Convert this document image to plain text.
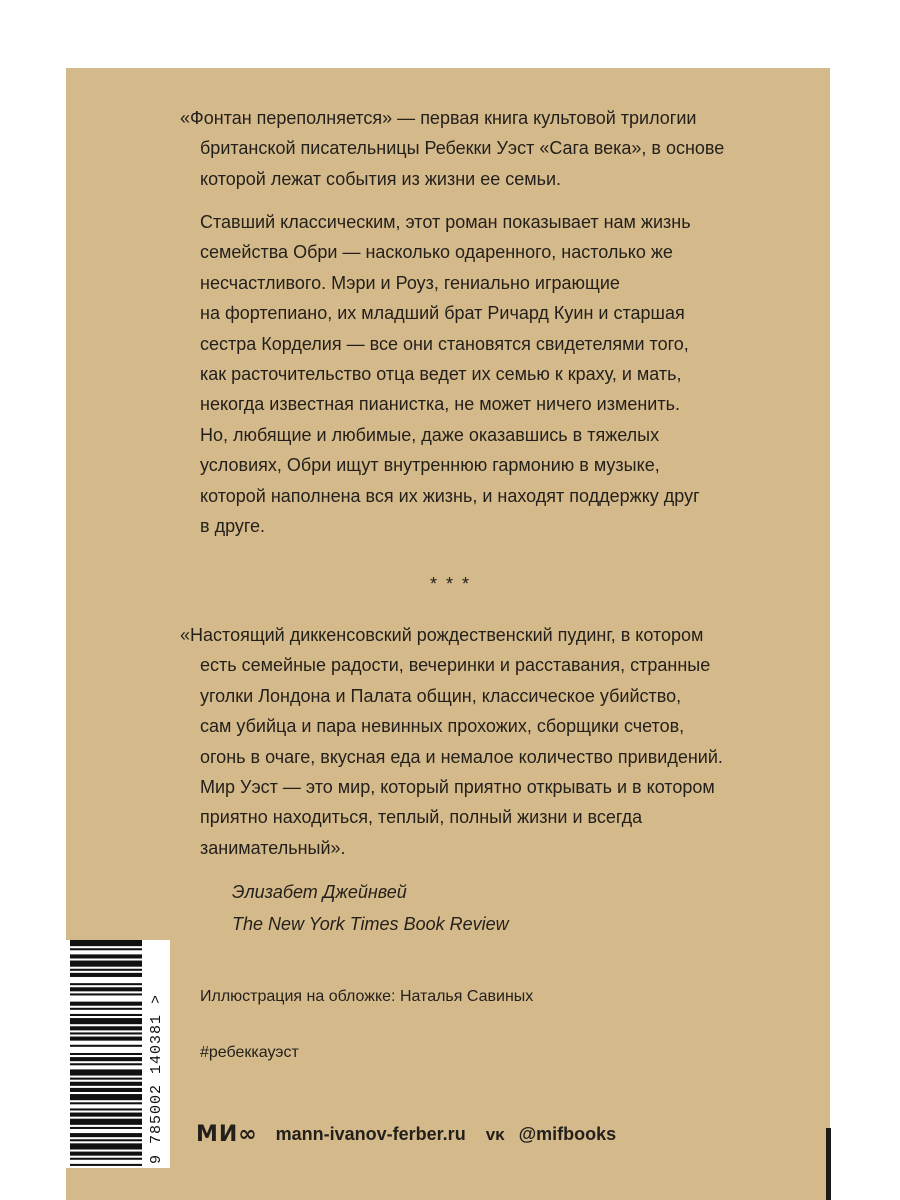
«Фонтан переполняется» — первая книга культовой трилогии
британской писательницы Ребекки Уэст «Сага века», в основе
которой лежат события из жизни ее семьи.
Ставший классическим, этот роман показывает нам жизнь
семейства Обри — насколько одаренного, настолько же
несчастливого. Мэри и Роуз, гениально играющие
на фортепиано, их младший брат Ричард Куин и старшая
сестра Корделия — все они становятся свидетелями того,
как расточительство отца ведет их семью к краху, и мать,
некогда известная пианистка, не может ничего изменить.
Но, любящие и любимые, даже оказавшись в тяжелых
условиях, Обри ищут внутреннюю гармонию в музыке,
которой наполнена вся их жизнь, и находят поддержку друг
в друге.
* * *
«Настоящий диккенсовский рождественский пудинг, в котором
есть семейные радости, вечеринки и расставания, странные
уголки Лондона и Палата общин, классическое убийство,
сам убийца и пара невинных прохожих, сборщики счетов,
огонь в очаге, вкусная еда и немалое количество привидений.
Мир Уэст — это мир, который приятно открывать и в котором
приятно находиться, теплый, полный жизни и всегда
занимательный».
Элизабет Джейнвей
The New York Times Book Review
9 785002 140381 > Иллюстрация на обложке: Наталья Савиных
#ребеккауэст
МИ∞ mann-ivanov-ferber.ru ᴠᴋ @mifbooks
